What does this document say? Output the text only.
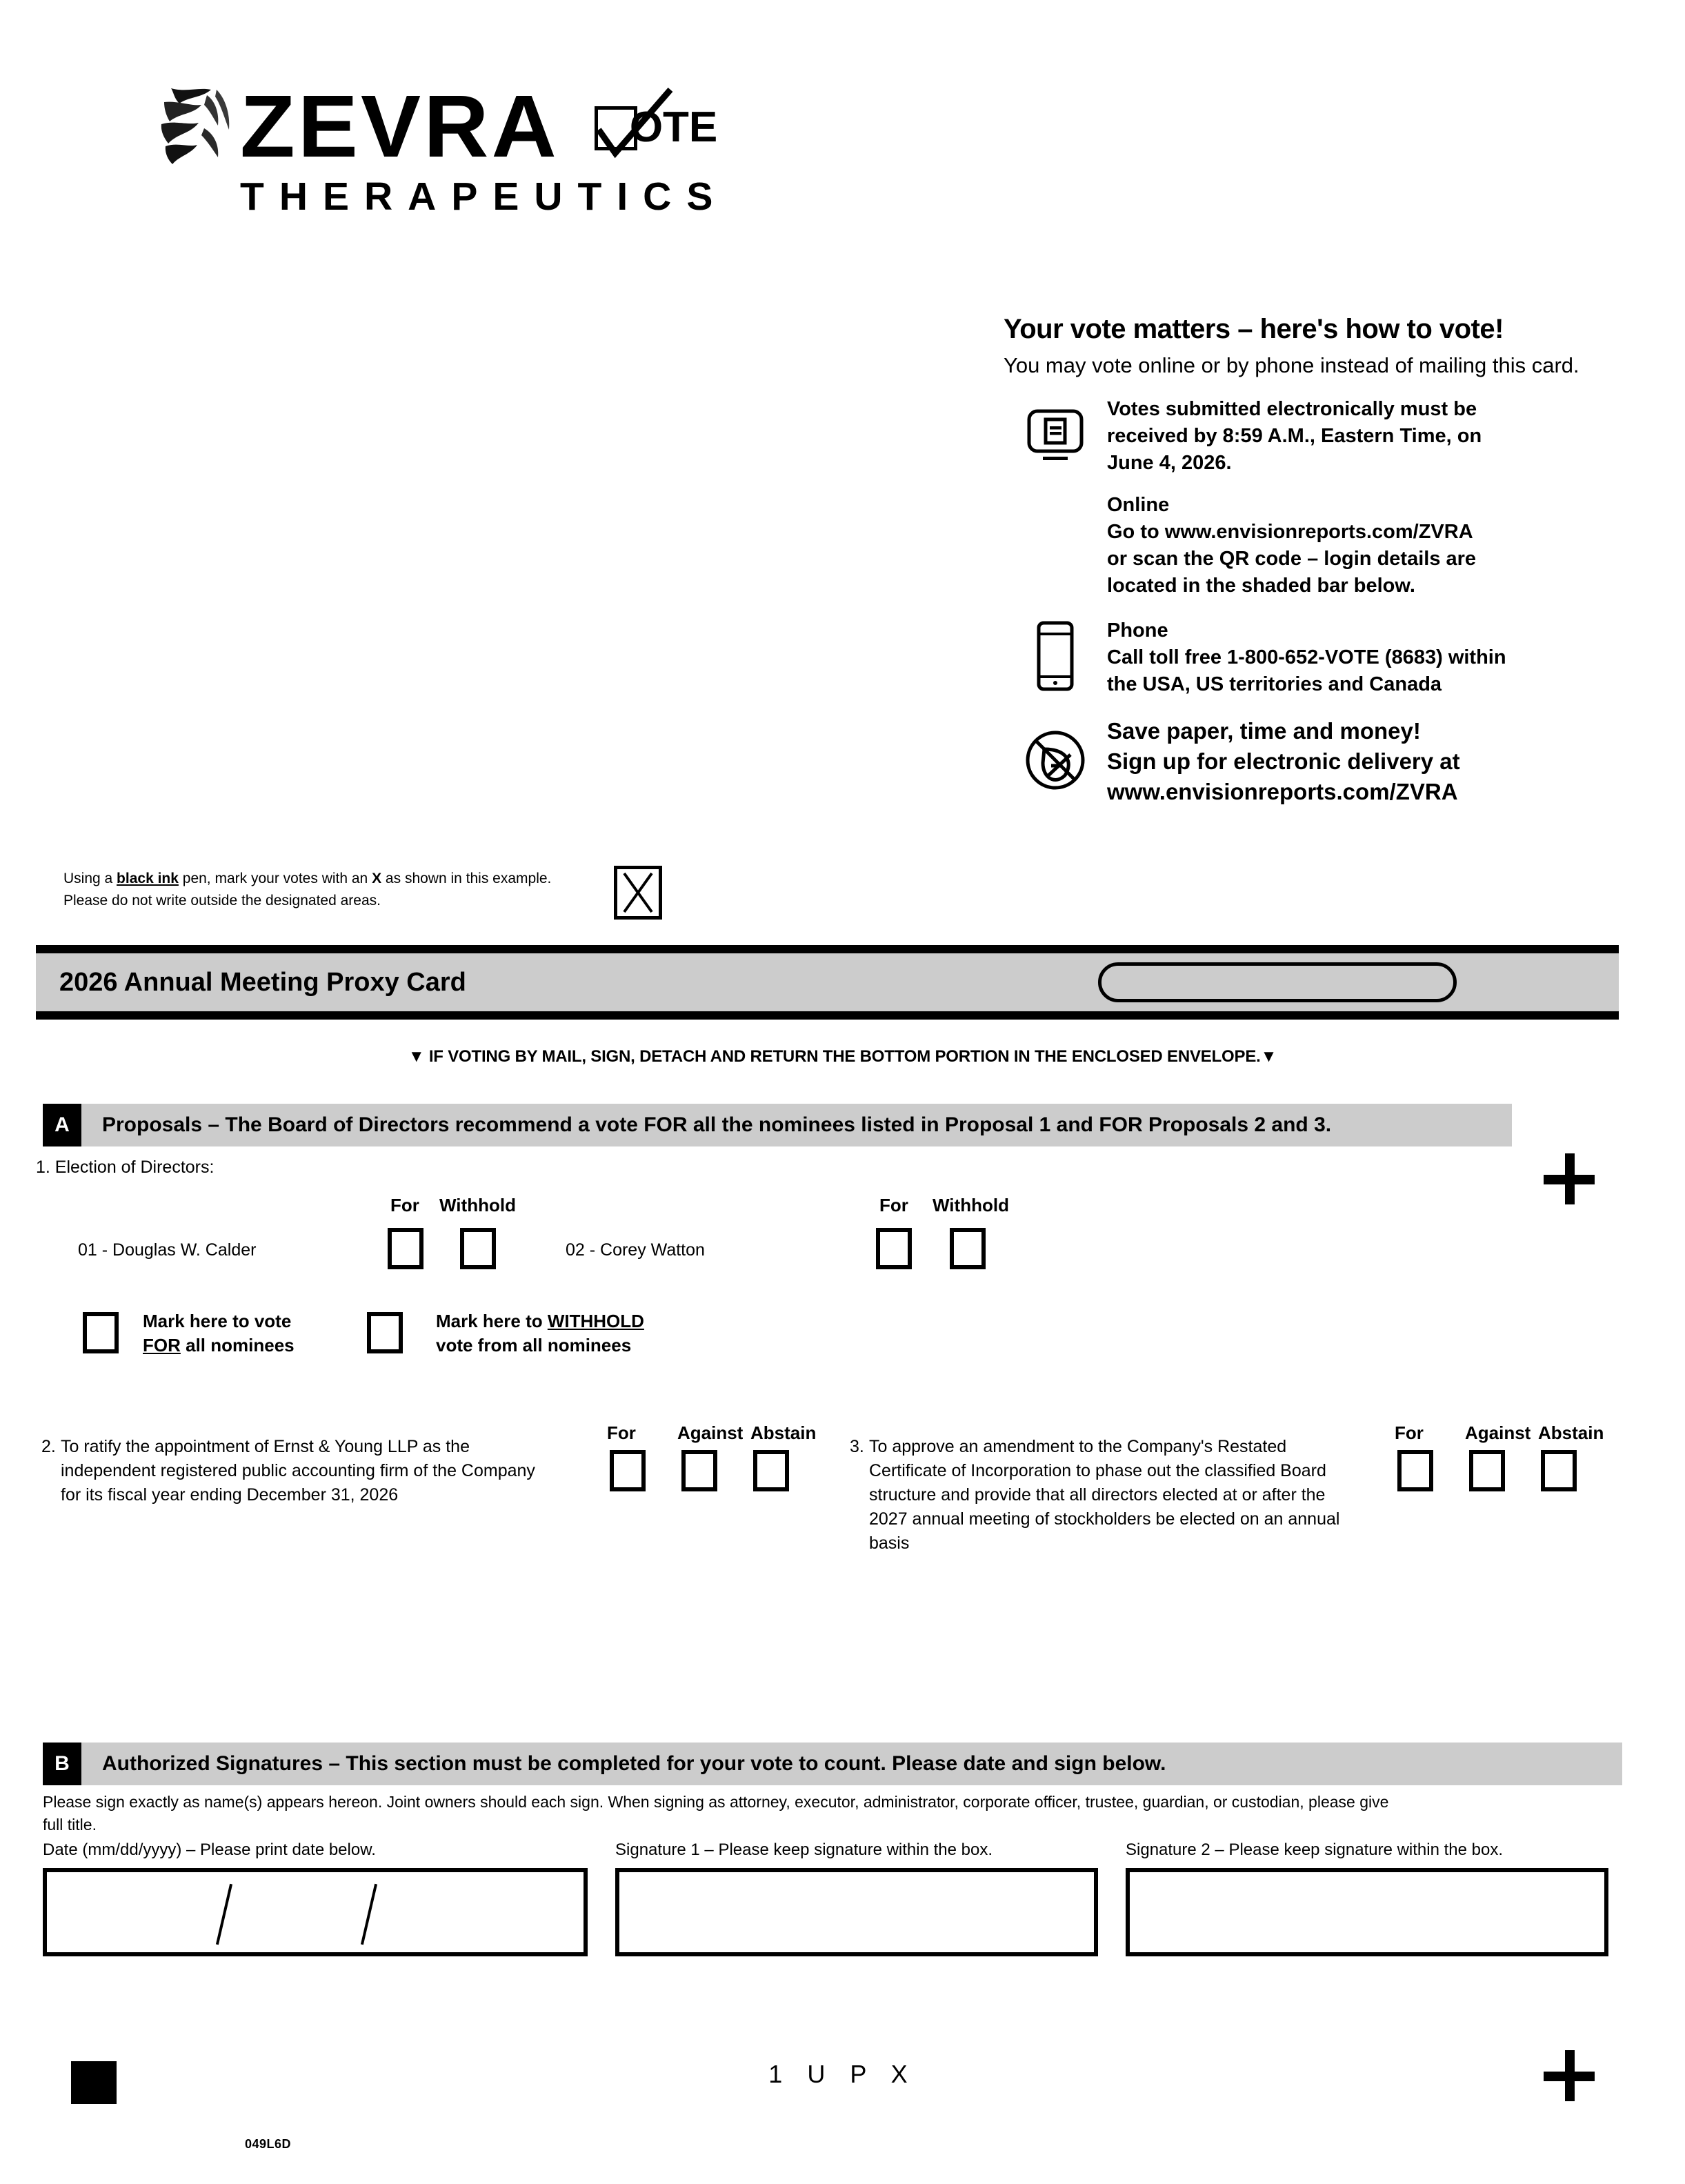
ZEVRA OTE
THERAPEUTICS
Your vote matters – here's how to vote!
You may vote online or by phone instead of mailing this card.
Votes submitted electronically must be
received by 8:59 A.M., Eastern Time, on
June 4, 2026.
Online
Go to www.envisionreports.com/ZVRA
or scan the QR code – login details are
located in the shaded bar below.
Phone
Call toll free 1-800-652-VOTE (8683) within
the USA, US territories and Canada
Save paper, time and money!
Sign up for electronic delivery at
www.envisionreports.com/ZVRA
Using a black ink pen, mark your votes with an X as shown in this example.
Please do not write outside the designated areas.
2026 Annual Meeting Proxy Card
▼ IF VOTING BY MAIL, SIGN, DETACH AND RETURN THE BOTTOM PORTION IN THE ENCLOSED ENVELOPE.▼
A	Proposals – The Board of Directors recommend a vote FOR all the nominees listed in Proposal 1 and FOR Proposals 2 and 3.
1. Election of Directors:
For Withhold	For Withhold
01 - Douglas W. Calder	02 - Corey Watton
Mark here to vote
FOR all nominees
Mark here to WITHHOLD
vote from all nominees
2. To ratify the appointment of Ernst & Young LLP as the
independent registered public accounting firm of the Company
for its fiscal year ending December 31, 2026
For	Against Abstain
3. To approve an amendment to the Company's Restated
Certificate of Incorporation to phase out the classified Board
structure and provide that all directors elected at or after the
2027 annual meeting of stockholders be elected on an annual
basis
For	Against Abstain
B	Authorized Signatures – This section must be completed for your vote to count. Please date and sign below.
Please sign exactly as name(s) appears hereon. Joint owners should each sign. When signing as attorney, executor, administrator, corporate officer, trustee, guardian, or custodian, please give
full title.
Date (mm/dd/yyyy) – Please print date below.	Signature 1 – Please keep signature within the box.	Signature 2 – Please keep signature within the box.
1 U P X
049L6D
